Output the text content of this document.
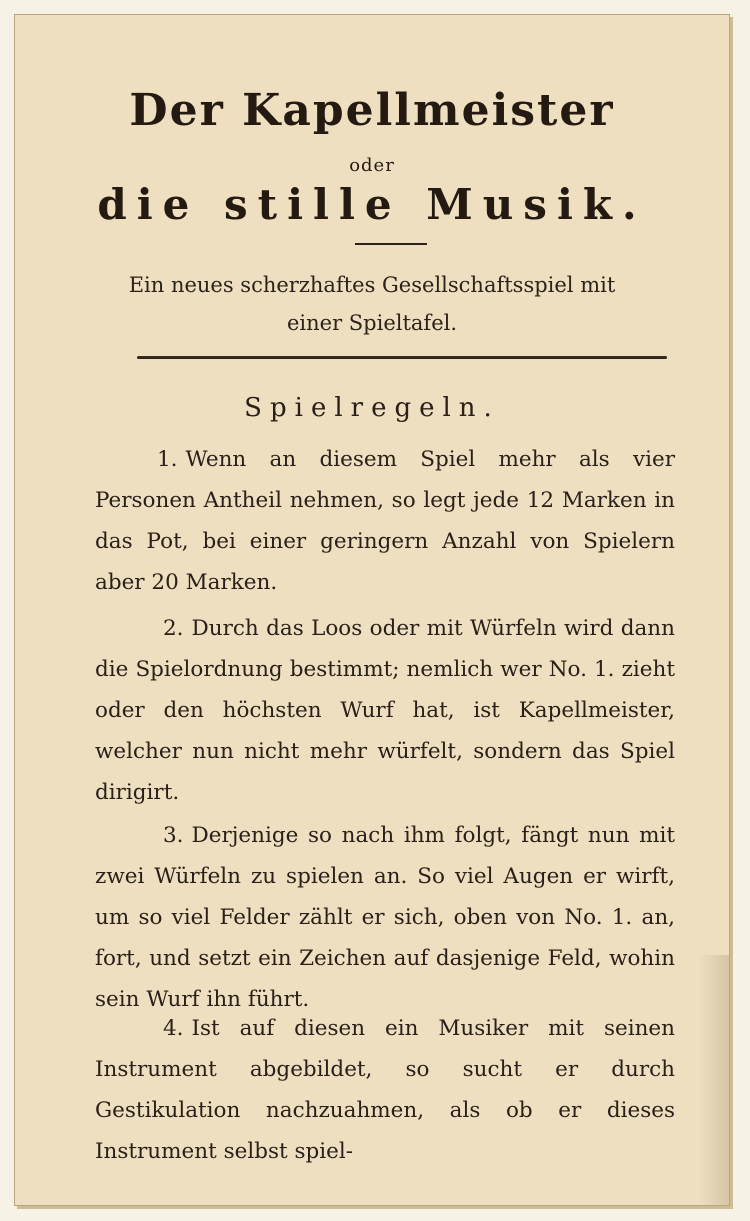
Der Kapellmeister
oder
die stille Musik.
Ein neues scherzhaftes Gesellschaftsspiel mit
einer Spieltafel.
Spielregeln.
1. Wenn an diesem Spiel mehr als vier Personen Antheil nehmen, so legt jede 12 Marken in das Pot, bei einer geringern Anzahl von Spielern aber 20 Marken.
2. Durch das Loos oder mit Würfeln wird dann die Spielordnung bestimmt; nemlich wer No. 1. zieht oder den höchsten Wurf hat, ist Kapellmeister, welcher nun nicht mehr würfelt, sondern das Spiel dirigirt.
3. Derjenige so nach ihm folgt, fängt nun mit zwei Würfeln zu spielen an. So viel Augen er wirft, um so viel Felder zählt er sich, oben von No. 1. an, fort, und setzt ein Zeichen auf dasjenige Feld, wohin sein Wurf ihn führt.
4. Ist auf diesen ein Musiker mit seinen Instrument abgebildet, so sucht er durch Gestikulation nachzuahmen, als ob er dieses Instrument selbst spiel-
